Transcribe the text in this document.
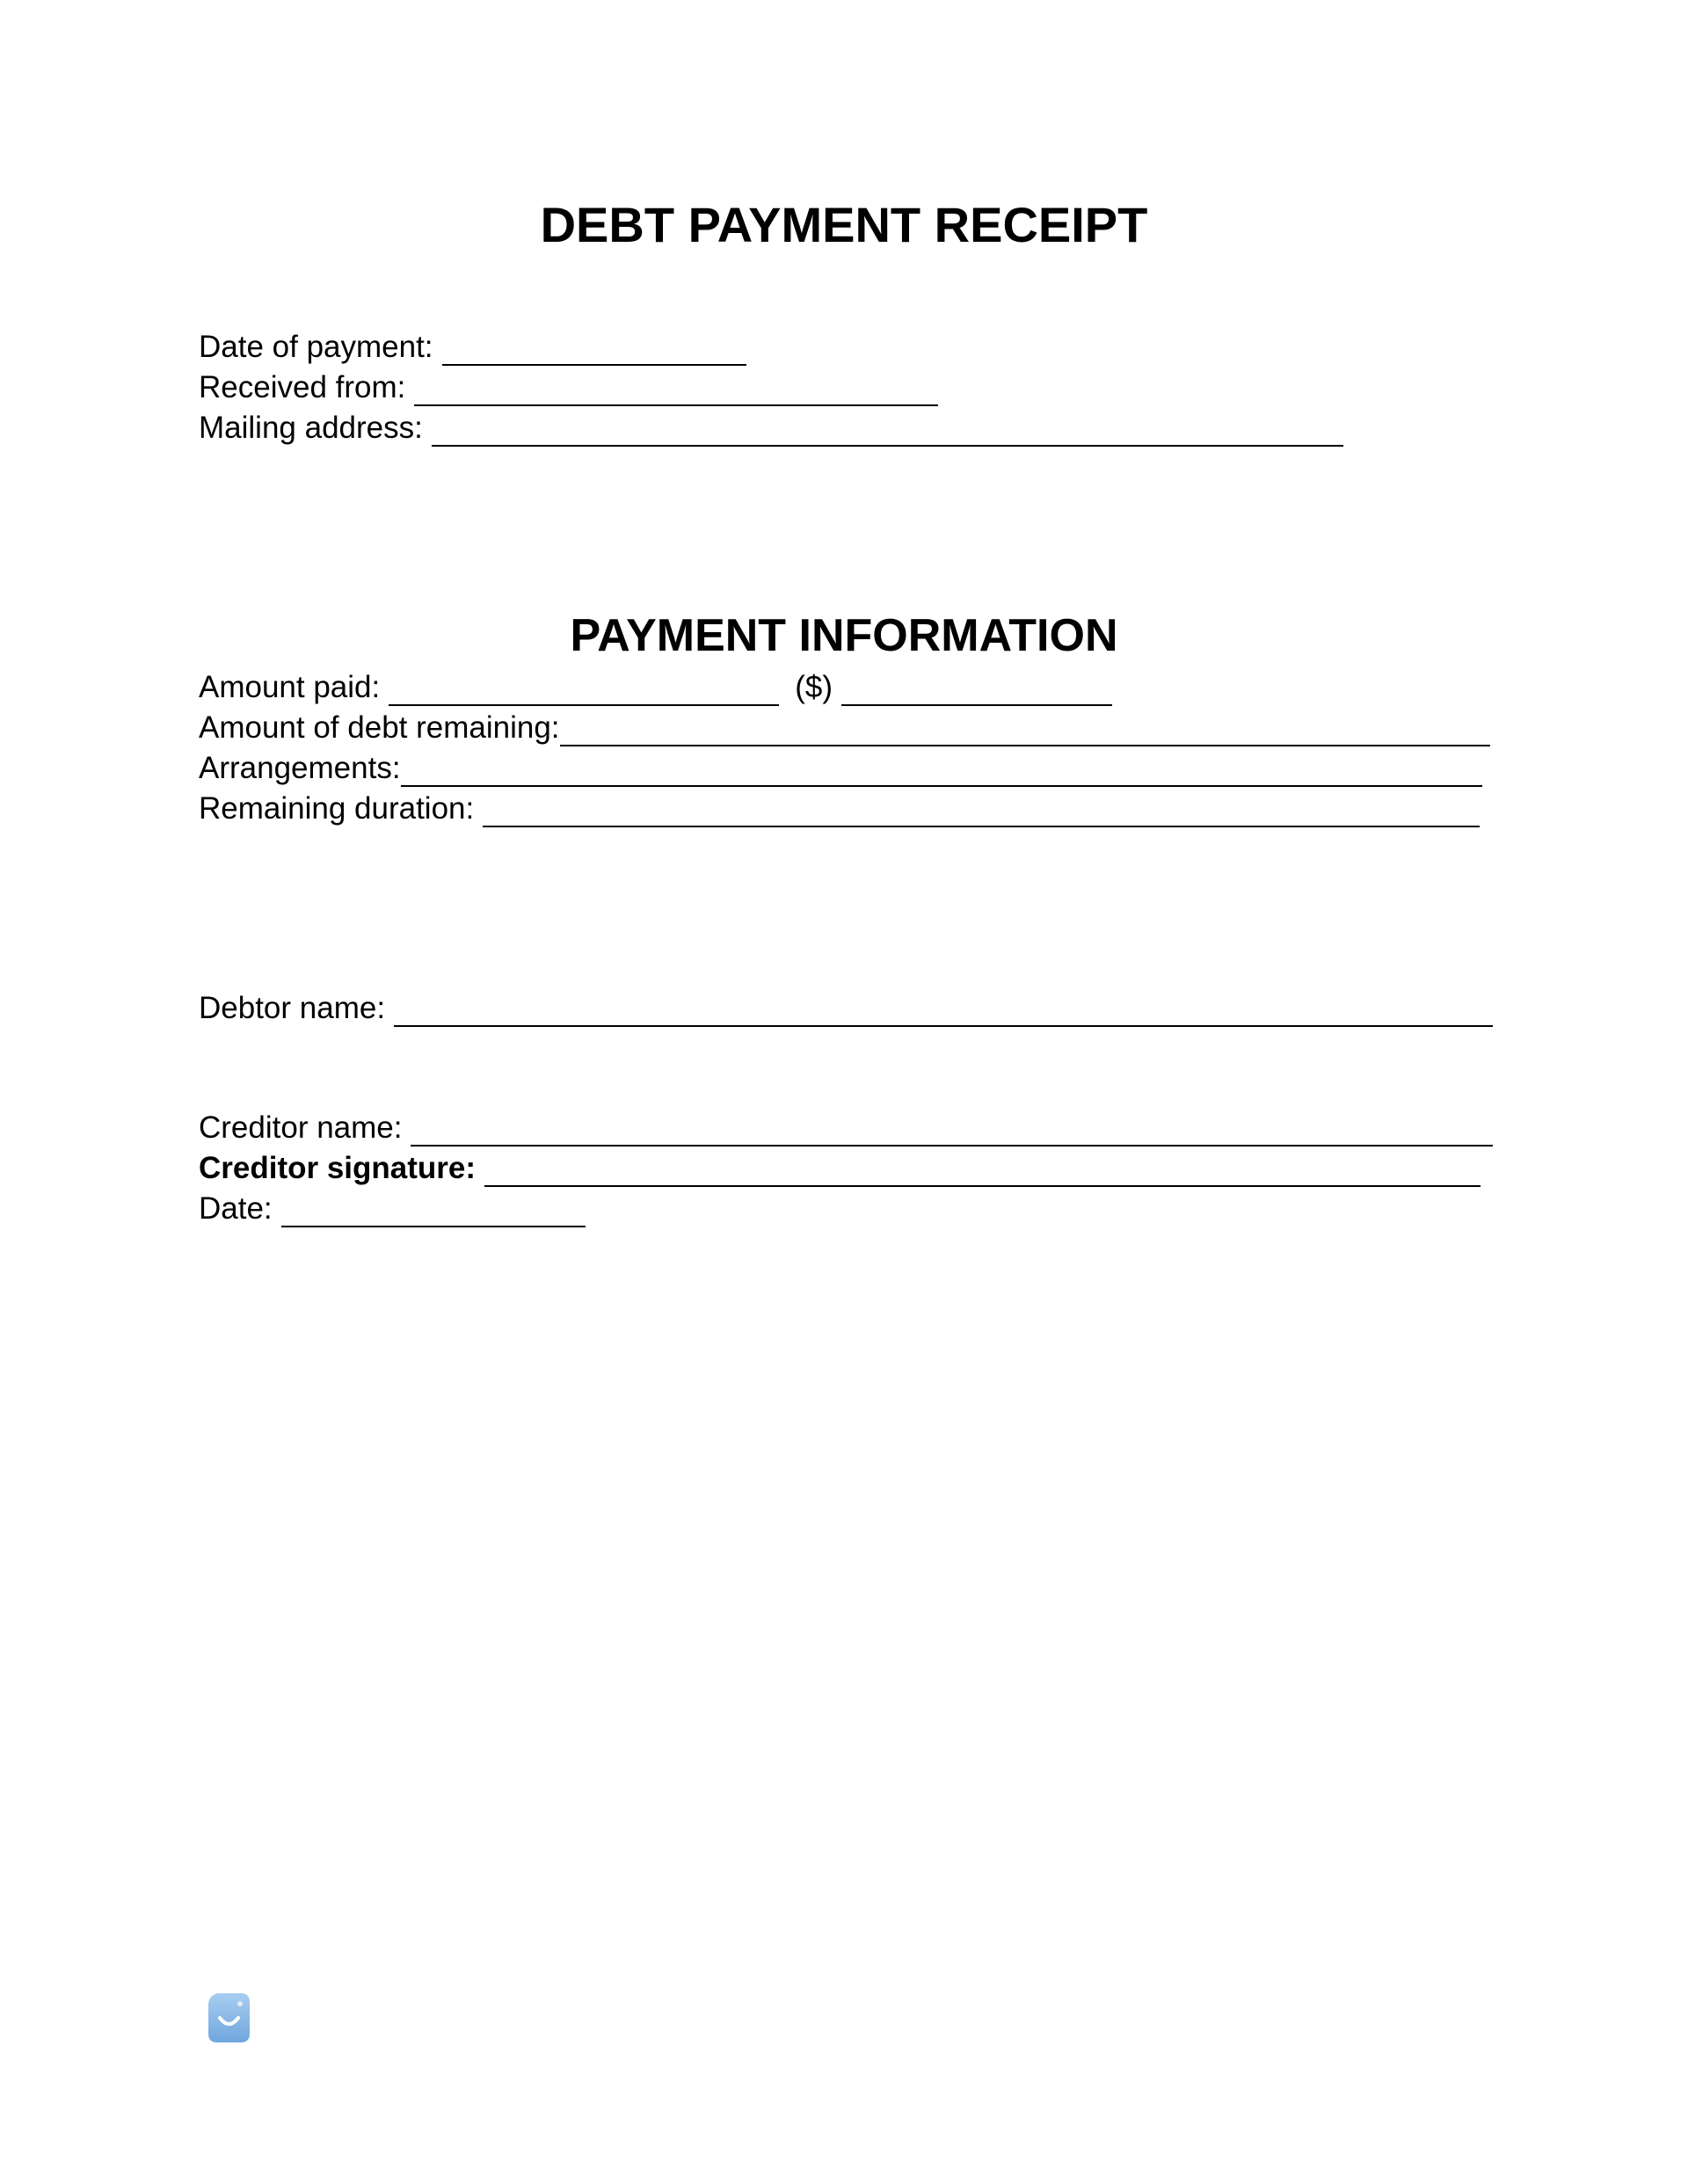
DEBT PAYMENT RECEIPT
Date of payment:
Received from:
Mailing address:
PAYMENT INFORMATION
Amount paid:	($)
Amount of debt remaining:
Arrangements:
Remaining duration:
Debtor name:
Creditor name:
Creditor signature:
Date:
